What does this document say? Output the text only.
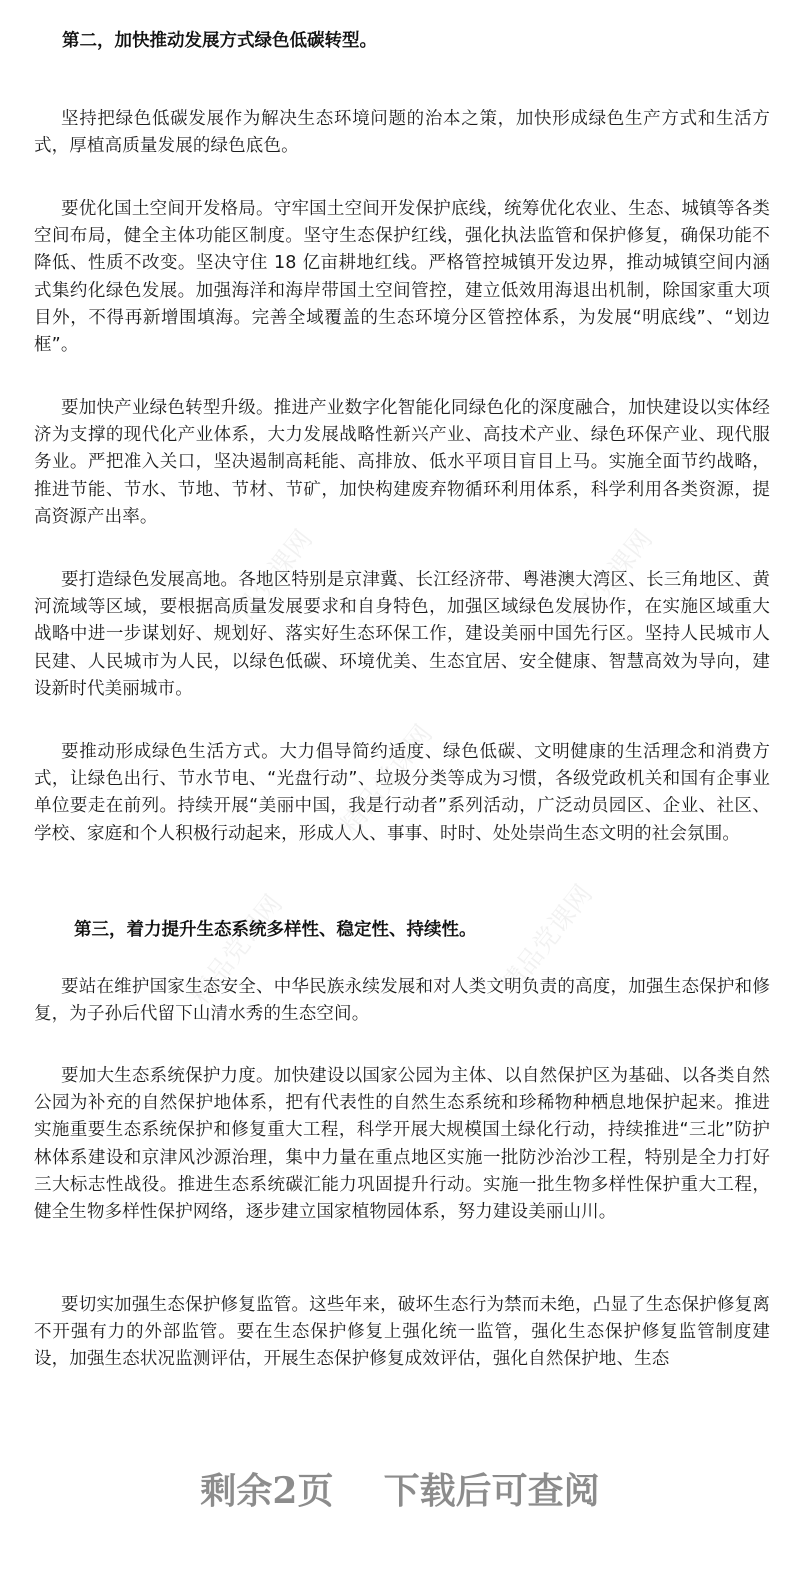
第二，加快推动发展方式绿色低碳转型。
坚持把绿色低碳发展作为解决生态环境问题的治本之策，加快形成绿色生产方式和生活方式，厚植高质量发展的绿色底色。
要优化国土空间开发格局。守牢国土空间开发保护底线，统筹优化农业、生态、城镇等各类空间布局，健全主体功能区制度。坚守生态保护红线，强化执法监管和保护修复，确保功能不降低、性质不改变。坚决守住 18 亿亩耕地红线。严格管控城镇开发边界，推动城镇空间内涵式集约化绿色发展。加强海洋和海岸带国土空间管控，建立低效用海退出机制，除国家重大项目外，不得再新增围填海。完善全域覆盖的生态环境分区管控体系，为发展“明底线”、“划边框”。
要加快产业绿色转型升级。推进产业数字化智能化同绿色化的深度融合，加快建设以实体经济为支撑的现代化产业体系，大力发展战略性新兴产业、高技术产业、绿色环保产业、现代服务业。严把准入关口，坚决遏制高耗能、高排放、低水平项目盲目上马。实施全面节约战略，推进节能、节水、节地、节材、节矿，加快构建废弃物循环利用体系，科学利用各类资源，提高资源产出率。
要打造绿色发展高地。各地区特别是京津冀、长江经济带、粤港澳大湾区、长三角地区、黄河流域等区域，要根据高质量发展要求和自身特色，加强区域绿色发展协作，在实施区域重大战略中进一步谋划好、规划好、落实好生态环保工作，建设美丽中国先行区。坚持人民城市人民建、人民城市为人民，以绿色低碳、环境优美、生态宜居、安全健康、智慧高效为导向，建设新时代美丽城市。
要推动形成绿色生活方式。大力倡导简约适度、绿色低碳、文明健康的生活理念和消费方式，让绿色出行、节水节电、“光盘行动”、垃圾分类等成为习惯，各级党政机关和国有企事业单位要走在前列。持续开展“美丽中国，我是行动者”系列活动，广泛动员园区、企业、社区、学校、家庭和个人积极行动起来，形成人人、事事、时时、处处崇尚生态文明的社会氛围。
第三，着力提升生态系统多样性、稳定性、持续性。
要站在维护国家生态安全、中华民族永续发展和对人类文明负责的高度，加强生态保护和修复，为子孙后代留下山清水秀的生态空间。
要加大生态系统保护力度。加快建设以国家公园为主体、以自然保护区为基础、以各类自然公园为补充的自然保护地体系，把有代表性的自然生态系统和珍稀物种栖息地保护起来。推进实施重要生态系统保护和修复重大工程，科学开展大规模国土绿化行动，持续推进“三北”防护林体系建设和京津风沙源治理，集中力量在重点地区实施一批防沙治沙工程，特别是全力打好三大标志性战役。推进生态系统碳汇能力巩固提升行动。实施一批生物多样性保护重大工程，健全生物多样性保护网络，逐步建立国家植物园体系，努力建设美丽山川。
要切实加强生态保护修复监管。这些年来，破坏生态行为禁而未绝，凸显了生态保护修复离不开强有力的外部监管。要在生态保护修复上强化统一监管，强化生态保护修复监管制度建设，加强生态状况监测评估，开展生态保护修复成效评估，强化自然保护地、生态
精品党课网	精品党课网
精品党课网
精品党课网	精品党课网
剩余2页    下载后可查阅
